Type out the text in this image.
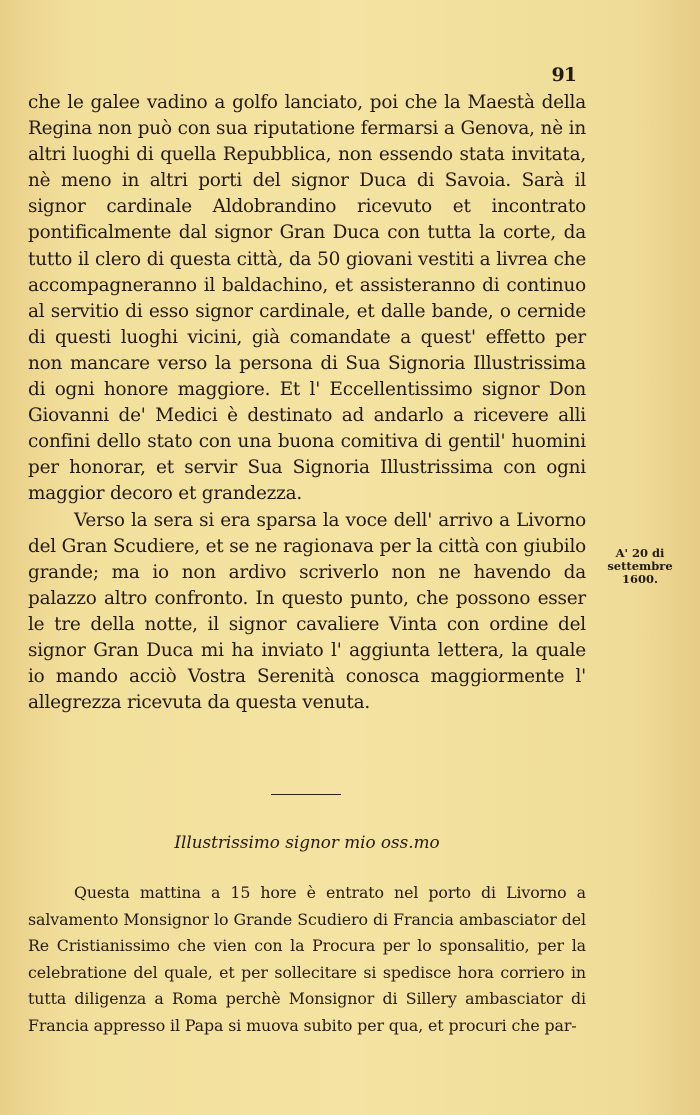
91

che le galee vadino a golfo lanciato, poi che la Maestà della Regina non può con sua riputatione fermarsi a Genova, nè in altri luoghi di quella Repubblica, non essendo stata invitata, nè meno in altri porti del signor Duca di Savoia. Sarà il signor cardinale Aldobrandino ricevuto et incontrato pontificalmente dal signor Gran Duca con tutta la corte, da tutto il clero di questa città, da 50 giovani vestiti a livrea che accompagneranno il baldachino, et assisteranno di continuo al servitio di esso signor cardinale, et dalle bande, o cernide di questi luoghi vicini, già comandate a quest' effetto per non mancare verso la persona di Sua Signoria Illustrissima di ogni honore maggiore. Et l' Eccellentissimo signor Don Giovanni de' Medici è destinato ad andarlo a ricevere alli confini dello stato con una buona comitiva di gentil' huomini per honorar, et servir Sua Signoria Illustrissima con ogni maggior decoro et grandezza.

Verso la sera si era sparsa la voce dell' arrivo a Livorno del Gran Scudiere, et se ne ragionava per la città con giubilo grande; ma io non ardivo scriverlo non ne havendo da palazzo altro confronto. In questo punto, che possono esser le tre della notte, il signor cavaliere Vinta con ordine del signor Gran Duca mi ha inviato l' aggiunta lettera, la quale io mando acciò Vostra Serenità conosca maggiormente l' allegrezza ricevuta da questa venuta.

A' 20 di
settembre
1600.
Illustrissimo signor mio oss.mo

Questa mattina a 15 hore è entrato nel porto di Livorno a salvamento Monsignor lo Grande Scudiero di Francia ambasciator del Re Cristianissimo che vien con la Procura per lo sponsalitio, per la celebratione del quale, et per sollecitare si spedisce hora corriero in tutta diligenza a Roma perchè Monsignor di Sillery ambasciator di Francia appresso il Papa si muova subito per qua, et procuri che par-
